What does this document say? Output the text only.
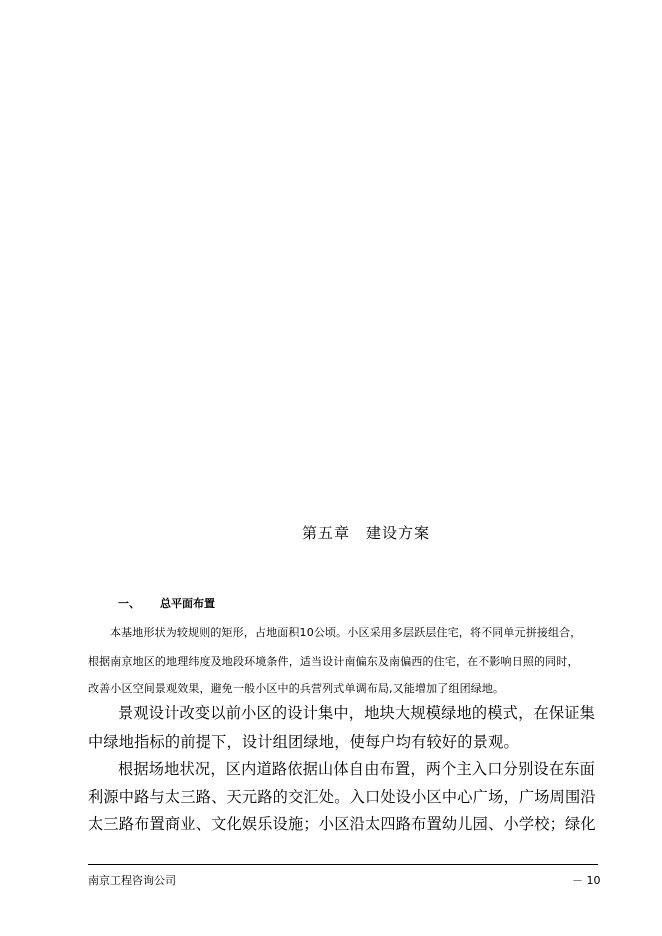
第五章　建设方案
一、 总平面布置
本基地形状为较规则的矩形，占地面积10公顷。小区采用多层跃层住宅，将不同单元拼接组合，
根据南京地区的地理纬度及地段环境条件，适当设计南偏东及南偏西的住宅，在不影响日照的同时，
改善小区空间景观效果，避免一般小区中的兵营列式单调布局,又能增加了组团绿地。
景观设计改变以前小区的设计集中，地块大规模绿地的模式，在保证集
中绿地指标的前提下，设计组团绿地，使每户均有较好的景观。
根据场地状况，区内道路依据山体自由布置，两个主入口分别设在东面
利源中路与太三路、天元路的交汇处。入口处设小区中心广场，广场周围沿
太三路布置商业、文化娱乐设施；小区沿太四路布置幼儿园、小学校；绿化
南京工程咨询公司	－ 10
